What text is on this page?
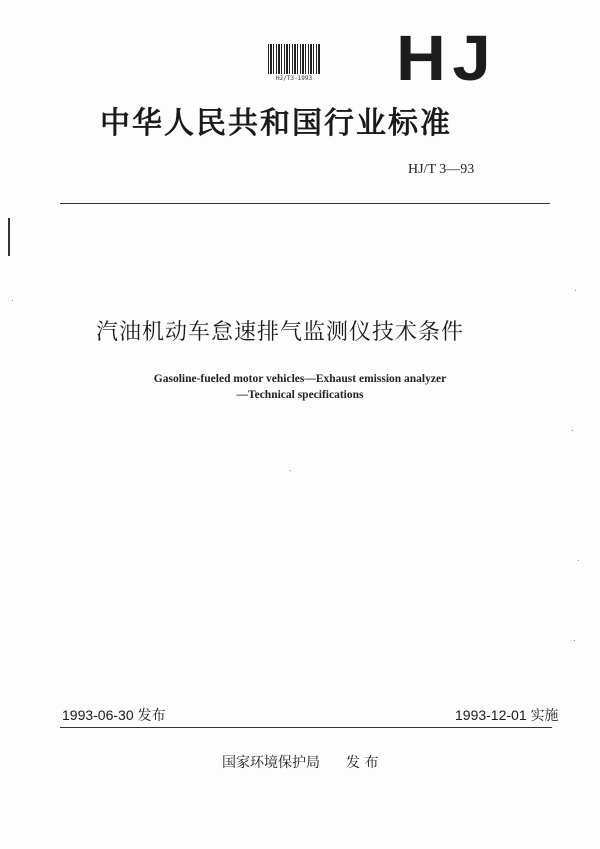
HJ/T3-1993 HJ
中华人民共和国行业标准
HJ/T 3—93
汽油机动车怠速排气监测仪技术条件
Gasoline-fueled motor vehicles—Exhaust emission analyzer
—Technical specifications
1993-06-30 发布	1993-12-01 实施
国家环境保护局 发 布
